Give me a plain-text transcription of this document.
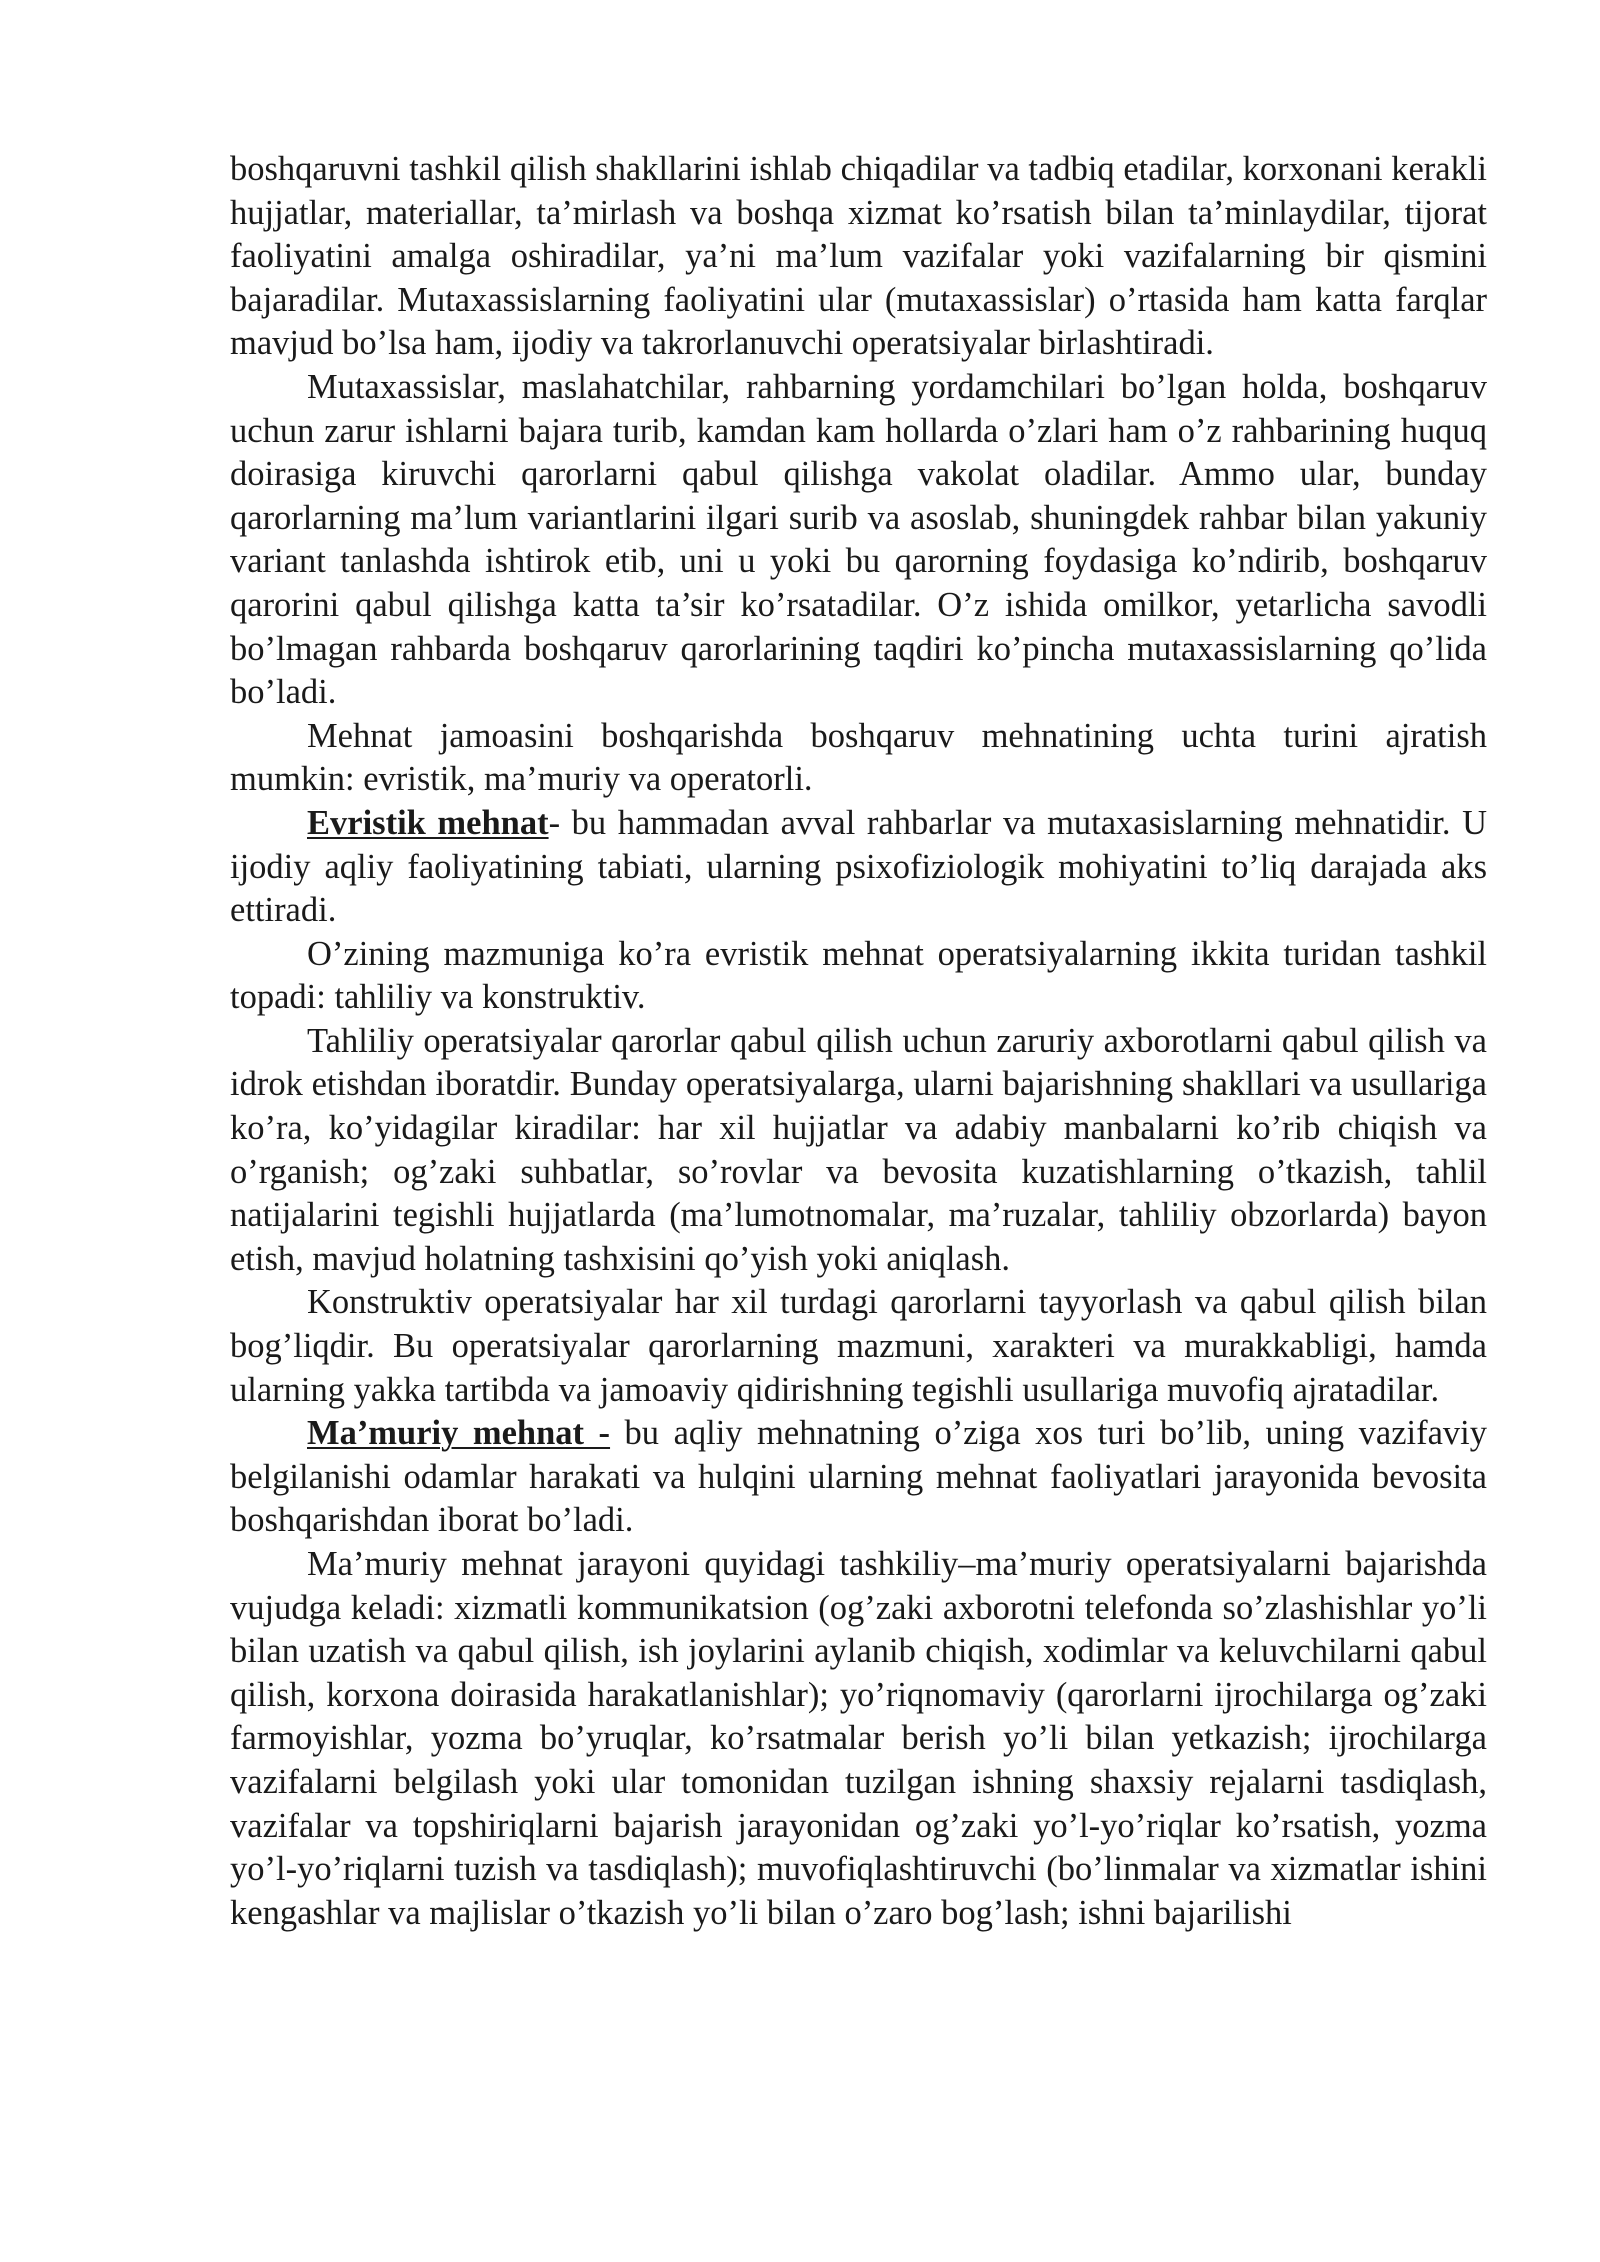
boshqaruvni tashkil qilish shakllarini ishlab chiqadilar va tadbiq etadilar, korxonani kerakli hujjatlar, materiallar, ta’mirlash va boshqa xizmat ko’rsatish bilan ta’minlaydilar, tijorat faoliyatini amalga oshiradilar, ya’ni ma’lum vazifalar yoki vazifalarning bir qismini bajaradilar. Mutaxassislarning faoliyatini ular (mutaxassislar) o’rtasida ham katta farqlar mavjud bo’lsa ham, ijodiy va takrorlanuvchi operatsiyalar birlashtiradi.

Mutaxassislar, maslahatchilar, rahbarning yordamchilari bo’lgan holda, boshqaruv uchun zarur ishlarni bajara turib, kamdan kam hollarda o’zlari ham o’z rahbarining huquq doirasiga kiruvchi qarorlarni qabul qilishga vakolat oladilar. Ammo ular, bunday qarorlarning ma’lum variantlarini ilgari surib va asoslab, shuningdek rahbar bilan yakuniy variant tanlashda ishtirok etib, uni u yoki bu qarorning foydasiga ko’ndirib, boshqaruv qarorini qabul qilishga katta ta’sir ko’rsatadilar. O’z ishida omilkor, yetarlicha savodli bo’lmagan rahbarda boshqaruv qarorlarining taqdiri ko’pincha mutaxassislarning qo’lida bo’ladi.

Mehnat jamoasini boshqarishda boshqaruv mehnatining uchta turini ajratish mumkin: evristik, ma’muriy va operatorli.

Evristik mehnat- bu hammadan avval rahbarlar va mutaxasislarning mehnatidir. U ijodiy aqliy faoliyatining tabiati, ularning psixofiziologik mohiyatini to’liq darajada aks ettiradi.

O’zining mazmuniga ko’ra evristik mehnat operatsiyalarning ikkita turidan tashkil topadi: tahliliy va konstruktiv.

Tahliliy operatsiyalar qarorlar qabul qilish uchun zaruriy axborotlarni qabul qilish va idrok etishdan iboratdir. Bunday operatsiyalarga, ularni bajarishning shakllari va usullariga ko’ra, ko’yidagilar kiradilar: har xil hujjatlar va adabiy manbalarni ko’rib chiqish va o’rganish; og’zaki suhbatlar, so’rovlar va bevosita kuzatishlarning o’tkazish, tahlil natijalarini tegishli hujjatlarda (ma’lumotnomalar, ma’ruzalar, tahliliy obzorlarda) bayon etish, mavjud holatning tashxisini qo’yish yoki aniqlash.

Konstruktiv operatsiyalar har xil turdagi qarorlarni tayyorlash va qabul qilish bilan bog’liqdir. Bu operatsiyalar qarorlarning mazmuni, xarakteri va murakkabligi, hamda ularning yakka tartibda va jamoaviy qidirishning tegishli usullariga muvofiq ajratadilar.

Ma’muriy mehnat - bu aqliy mehnatning o’ziga xos turi bo’lib, uning vazifaviy belgilanishi odamlar harakati va hulqini ularning mehnat faoliyatlari jarayonida bevosita boshqarishdan iborat bo’ladi.

Ma’muriy mehnat jarayoni quyidagi tashkiliy–ma’muriy operatsiyalarni bajarishda vujudga keladi: xizmatli kommunikatsion (og’zaki axborotni telefonda so’zlashishlar yo’li bilan uzatish va qabul qilish, ish joylarini aylanib chiqish, xodimlar va keluvchilarni qabul qilish, korxona doirasida harakatlanishlar); yo’riqnomaviy (qarorlarni ijrochilarga og’zaki farmoyishlar, yozma bo’yruqlar, ko’rsatmalar berish yo’li bilan yetkazish; ijrochilarga vazifalarni belgilash yoki ular tomonidan tuzilgan ishning shaxsiy rejalarni tasdiqlash, vazifalar va topshiriqlarni bajarish jarayonidan og’zaki yo’l-yo’riqlar ko’rsatish, yozma yo’l-yo’riqlarni tuzish va tasdiqlash); muvofiqlashtiruvchi (bo’linmalar va xizmatlar ishini kengashlar va majlislar o’tkazish yo’li bilan o’zaro bog’lash; ishni bajarilishi
